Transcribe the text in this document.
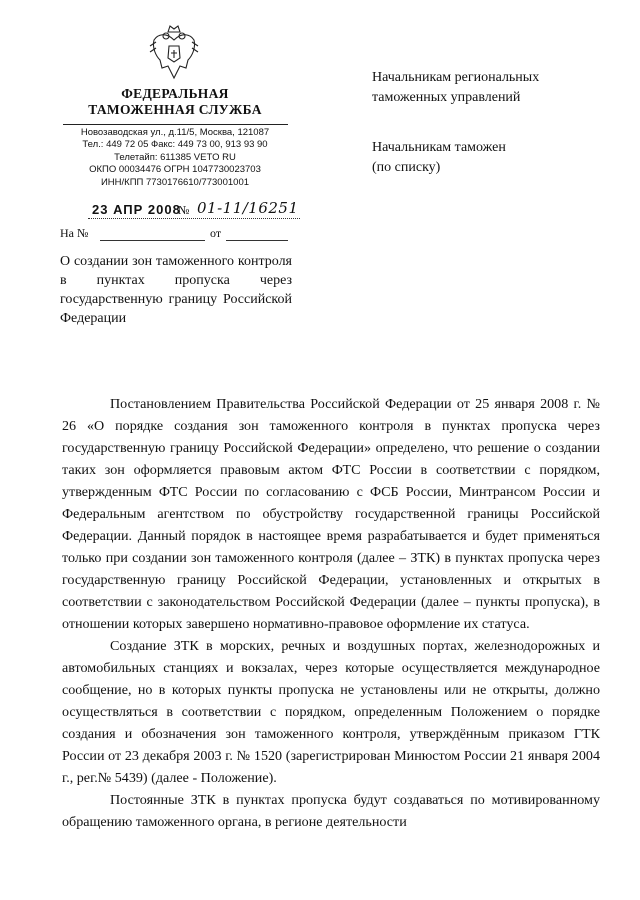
ФЕДЕРАЛЬНАЯ
ТАМОЖЕННАЯ СЛУЖБА
Новозаводская ул., д.11/5, Москва, 121087
Тел.: 449 72 05 Факс: 449 73 00, 913 93 90
Телетайп: 611385 VETO RU
ОКПО 00034476 ОГРН 1047730023703
ИНН/КПП 7730176610/773001001
23 АПР 2008
№ 01-11/16251
На №	от
О создании зон таможенного контроля в пунктах пропуска через государственную границу Российской Федерации
Начальникам региональных
таможенных управлений
Начальникам таможен
(по списку)

Постановлением Правительства Российской Федерации от 25 января 2008 г. № 26 «О порядке создания зон таможенного контроля в пунктах пропуска через государственную границу Российской Федерации» определено, что решение о создании таких зон оформляется правовым актом ФТС России в соответствии с порядком, утвержденным ФТС России по согласованию с ФСБ России, Минтрансом России и Федеральным агентством по обустройству государственной границы Российской Федерации. Данный порядок в настоящее время разрабатывается и будет применяться только при создании зон таможенного контроля (далее – ЗТК) в пунктах пропуска через государственную границу Российской Федерации, установленных и открытых в соответствии с законодательством Российской Федерации (далее – пункты пропуска), в отношении которых завершено нормативно-правовое оформление их статуса.

Создание ЗТК в морских, речных и воздушных портах, железнодорожных и автомобильных станциях и вокзалах, через которые осуществляется международное сообщение, но в которых пункты пропуска не установлены или не открыты, должно осуществляться в соответствии с порядком, определенным Положением о порядке создания и обозначения зон таможенного контроля, утверждённым приказом ГТК России от 23 декабря 2003 г. № 1520 (зарегистрирован Минюстом России 21 января 2004 г., рег.№ 5439) (далее - Положение).

Постоянные ЗТК в пунктах пропуска будут создаваться по мотивированному обращению таможенного органа, в регионе деятельности
